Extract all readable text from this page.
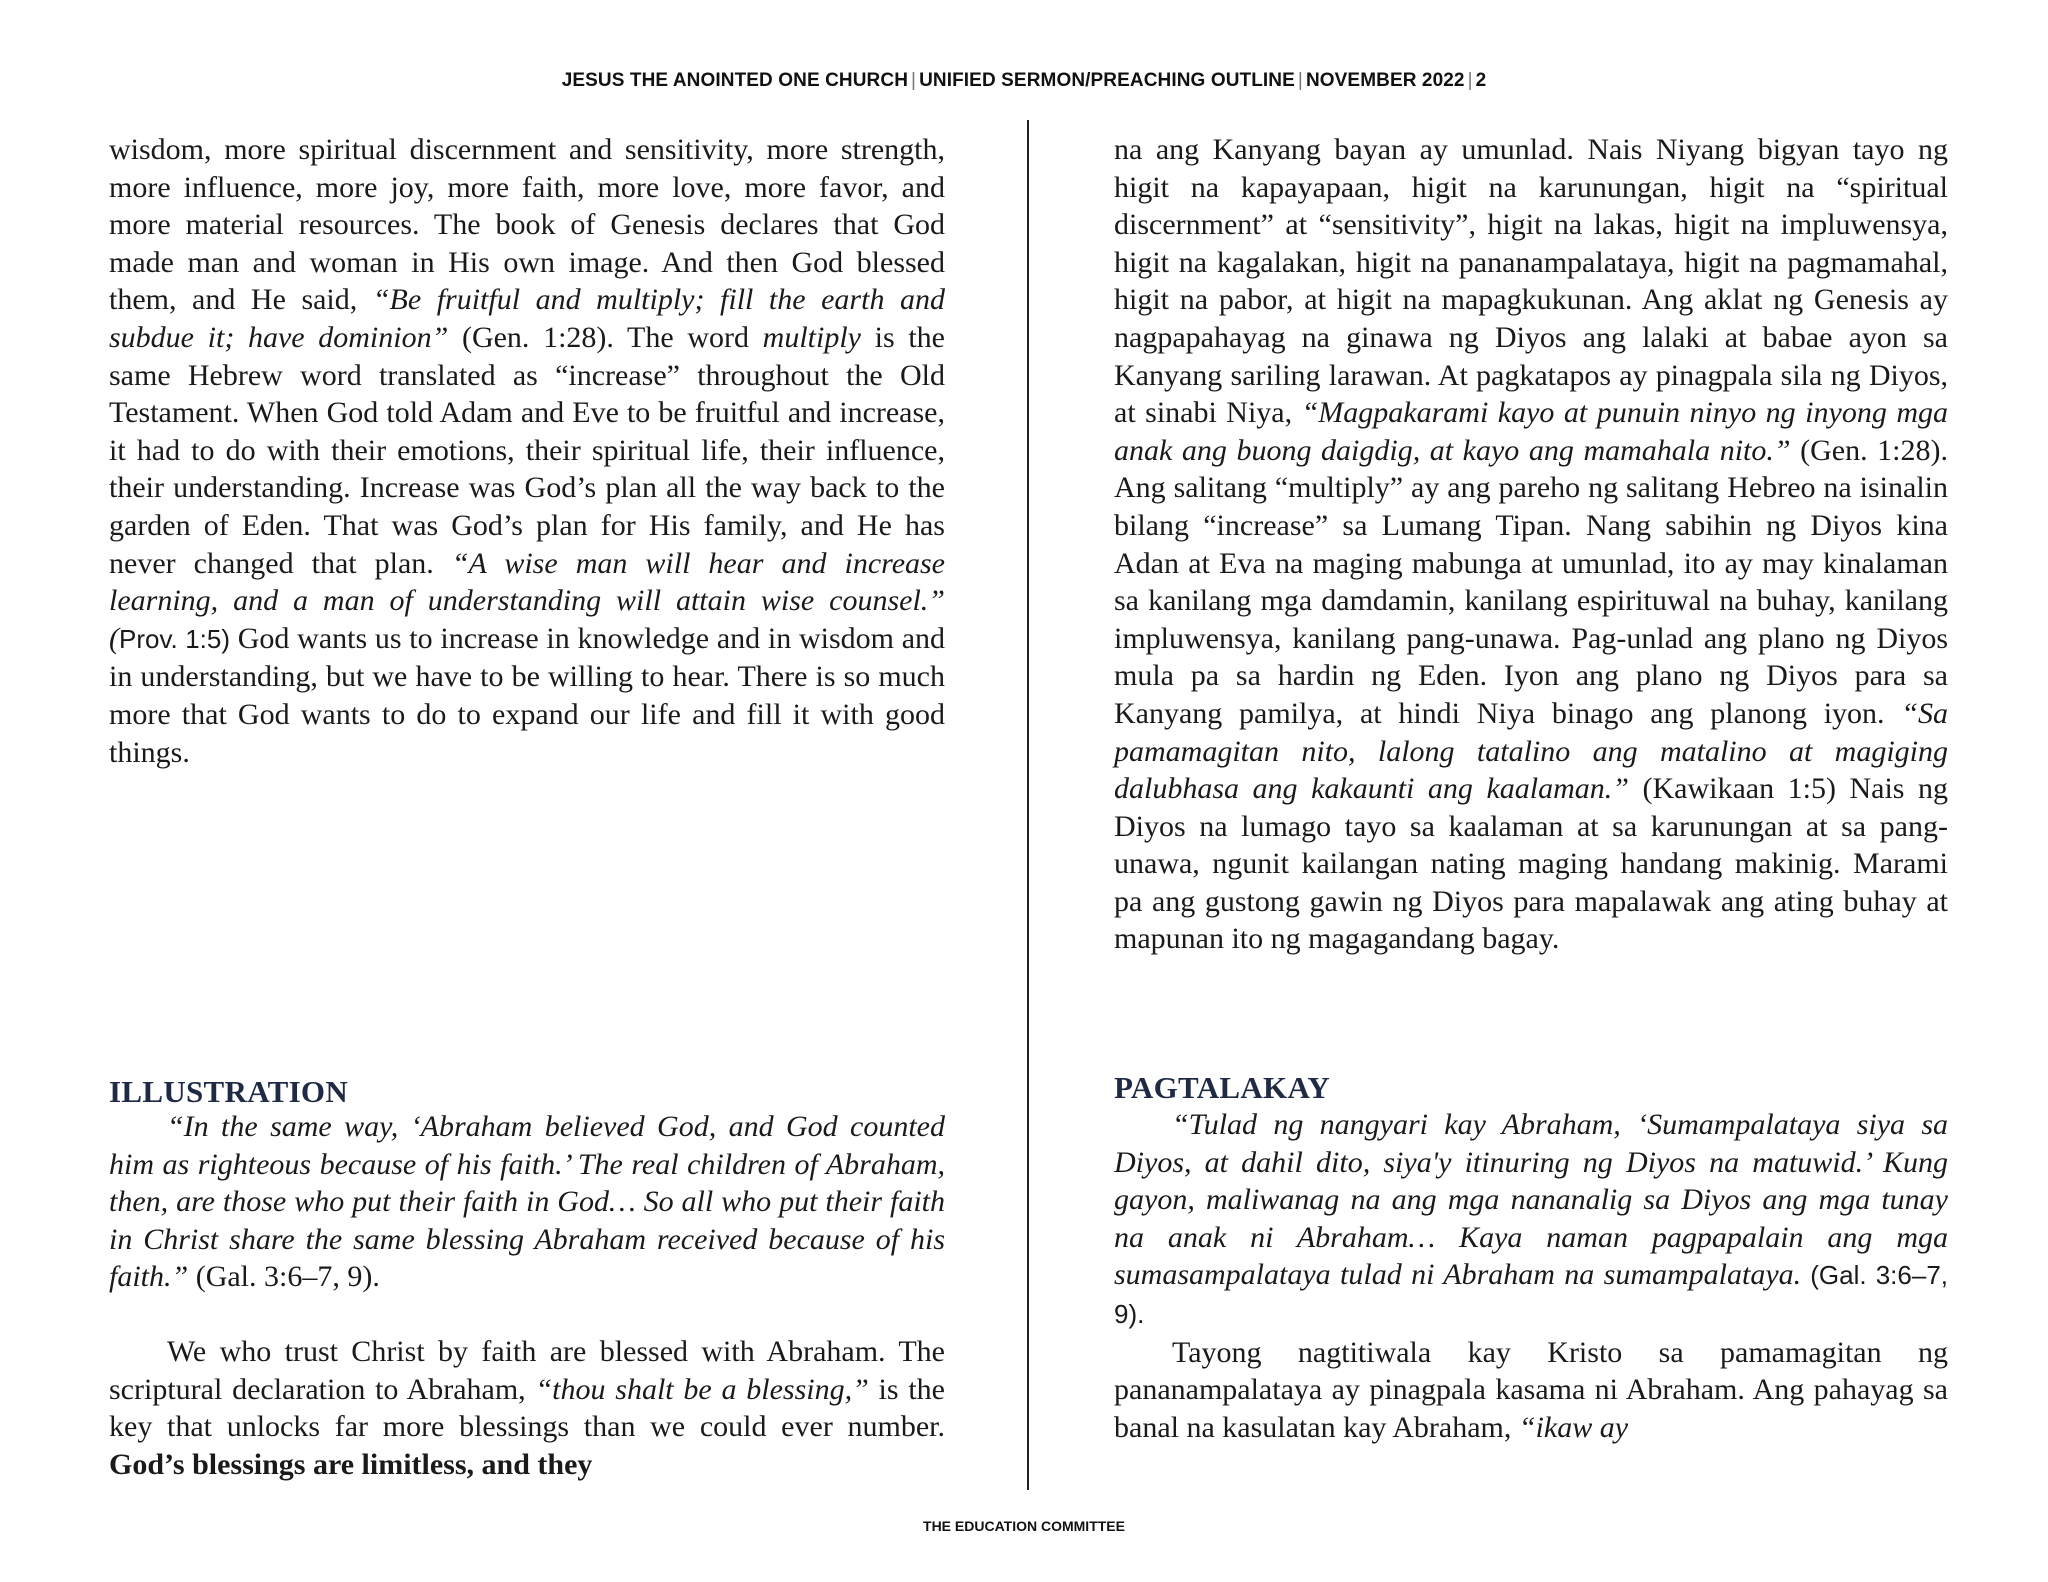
JESUS THE ANOINTED ONE CHURCH | UNIFIED SERMON/PREACHING OUTLINE | NOVEMBER 2022 | 2

wisdom, more spiritual discernment and sensitivity, more strength, more influence, more joy, more faith, more love, more favor, and more material resources. The book of Genesis declares that God made man and woman in His own image. And then God blessed them, and He said, “Be fruitful and multiply; fill the earth and subdue it; have dominion” (Gen. 1:28). The word multiply is the same Hebrew word translated as “increase” throughout the Old Testament. When God told Adam and Eve to be fruitful and increase, it had to do with their emotions, their spiritual life, their influence, their understanding. Increase was God’s plan all the way back to the garden of Eden. That was God’s plan for His family, and He has never changed that plan. “A wise man will hear and increase learning, and a man of understanding will attain wise counsel.” (Prov. 1:5) God wants us to increase in knowledge and in wisdom and in understanding, but we have to be willing to hear. There is so much more that God wants to do to expand our life and fill it with good things.

ILLUSTRATION

“In the same way, ‘Abraham believed God, and God counted him as righteous because of his faith.’ The real children of Abraham, then, are those who put their faith in God… So all who put their faith in Christ share the same blessing Abraham received because of his faith.” (Gal. 3:6–7, 9).

We who trust Christ by faith are blessed with Abraham. The scriptural declaration to Abraham, “thou shalt be a blessing,” is the key that unlocks far more blessings than we could ever number. God’s blessings are limitless, and they

na ang Kanyang bayan ay umunlad. Nais Niyang bigyan tayo ng higit na kapayapaan, higit na karunungan, higit na “spiritual discernment” at “sensitivity”, higit na lakas, higit na impluwensya, higit na kagalakan, higit na pananampalataya, higit na pagmamahal, higit na pabor, at higit na mapagkukunan. Ang aklat ng Genesis ay nagpapahayag na ginawa ng Diyos ang lalaki at babae ayon sa Kanyang sariling larawan. At pagkatapos ay pinagpala sila ng Diyos, at sinabi Niya, “Magpakarami kayo at punuin ninyo ng inyong mga anak ang buong daigdig, at kayo ang mamahala nito.” (Gen. 1:28). Ang salitang “multiply” ay ang pareho ng salitang Hebreo na isinalin bilang “increase” sa Lumang Tipan. Nang sabihin ng Diyos kina Adan at Eva na maging mabunga at umunlad, ito ay may kinalaman sa kanilang mga damdamin, kanilang espirituwal na buhay, kanilang impluwensya, kanilang pang-unawa. Pag-unlad ang plano ng Diyos mula pa sa hardin ng Eden. Iyon ang plano ng Diyos para sa Kanyang pamilya, at hindi Niya binago ang planong iyon. “Sa pamamagitan nito, lalong tatalino ang matalino at magiging dalubhasa ang kakaunti ang kaalaman.” (Kawikaan 1:5) Nais ng Diyos na lumago tayo sa kaalaman at sa karunungan at sa pang-unawa, ngunit kailangan nating maging handang makinig. Marami pa ang gustong gawin ng Diyos para mapalawak ang ating buhay at mapunan ito ng magagandang bagay.

PAGTALAKAY

“Tulad ng nangyari kay Abraham, ‘Sumampalataya siya sa Diyos, at dahil dito, siya'y itinuring ng Diyos na matuwid.’ Kung gayon, maliwanag na ang mga nananalig sa Diyos ang mga tunay na anak ni Abraham… Kaya naman pagpapalain ang mga sumasampalataya tulad ni Abraham na sumampalataya. (Gal. 3:6–7, 9).

Tayong nagtitiwala kay Kristo sa pamamagitan ng pananampalataya ay pinagpala kasama ni Abraham. Ang pahayag sa banal na kasulatan kay Abraham, “ikaw ay

THE EDUCATION COMMITTEE
